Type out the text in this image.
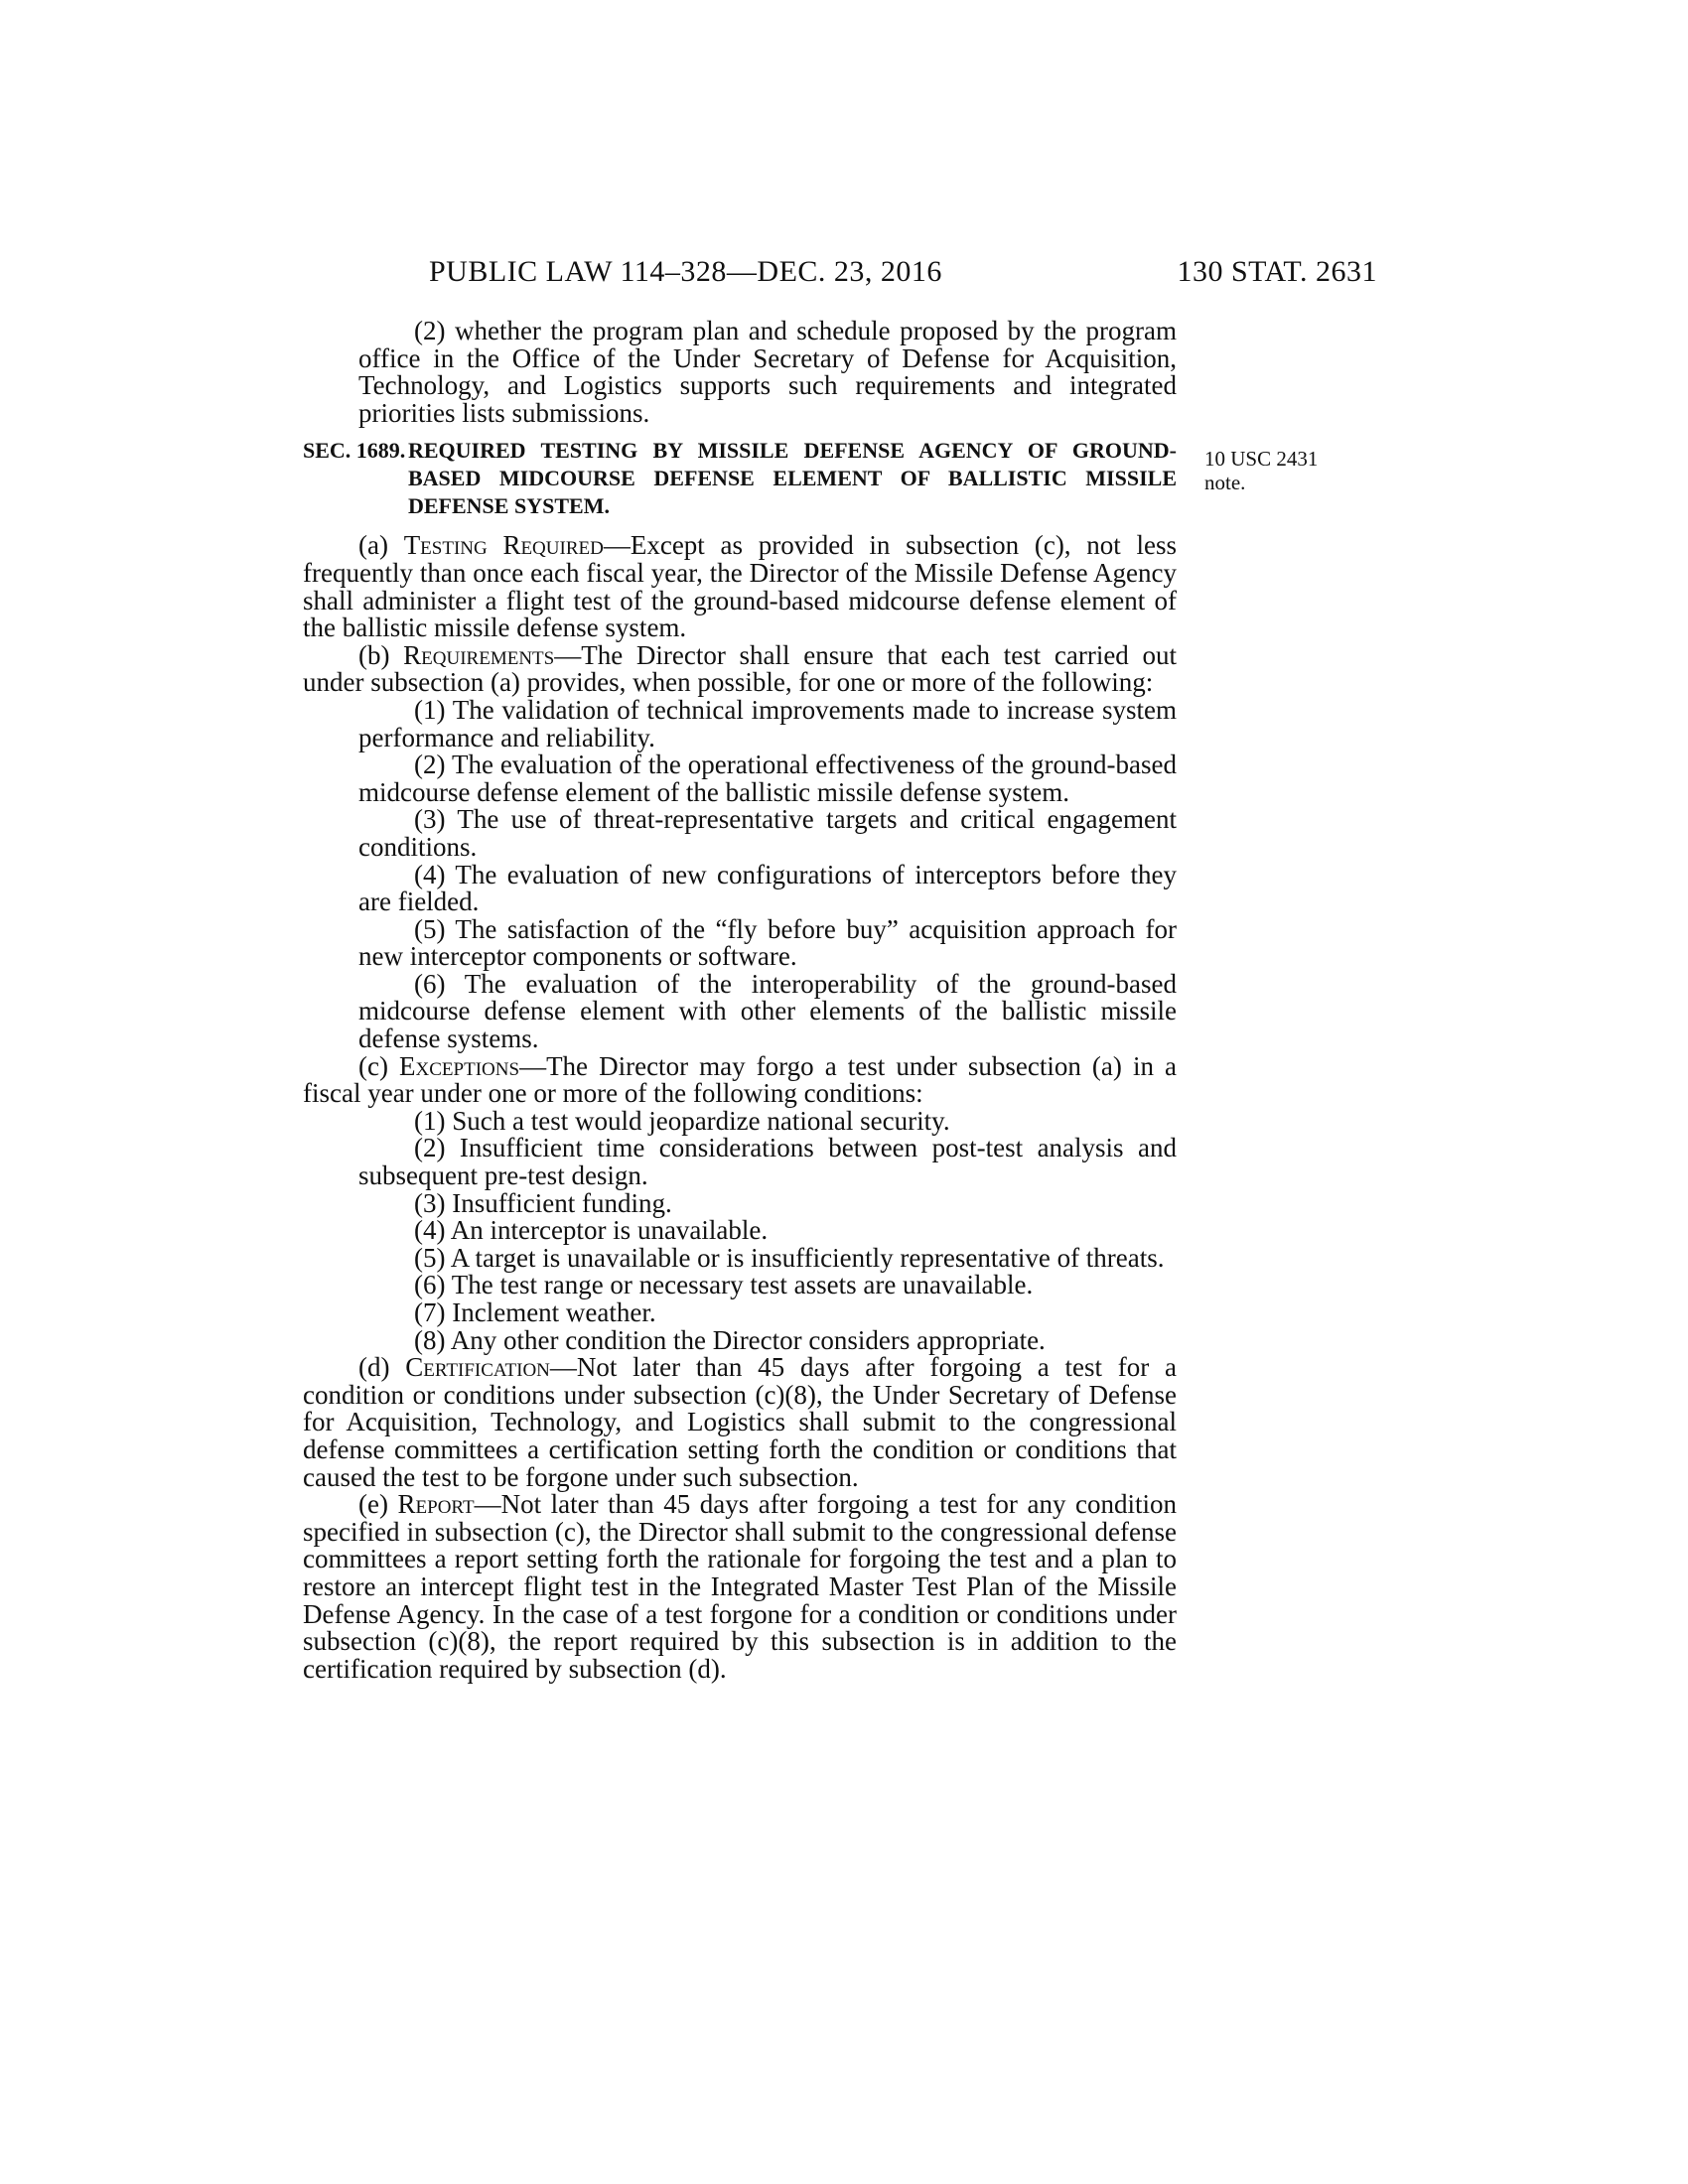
PUBLIC LAW 114–328—DEC. 23, 2016	130 STAT. 2631
10 USC 2431
note.

(2) whether the program plan and schedule proposed by the program office in the Office of the Under Secretary of Defense for Acquisition, Technology, and Logistics supports such requirements and integrated priorities lists submissions.

SEC. 1689. REQUIRED TESTING BY MISSILE DEFENSE AGENCY OF GROUND-BASED MIDCOURSE DEFENSE ELEMENT OF BALLISTIC MISSILE DEFENSE SYSTEM.

(a) Testing Required—Except as provided in subsection (c), not less frequently than once each fiscal year, the Director of the Missile Defense Agency shall administer a flight test of the ground-based midcourse defense element of the ballistic missile defense system.

(b) Requirements—The Director shall ensure that each test carried out under subsection (a) provides, when possible, for one or more of the following:

(1) The validation of technical improvements made to increase system performance and reliability.

(2) The evaluation of the operational effectiveness of the ground-based midcourse defense element of the ballistic missile defense system.

(3) The use of threat-representative targets and critical engagement conditions.

(4) The evaluation of new configurations of interceptors before they are fielded.

(5) The satisfaction of the “fly before buy” acquisition approach for new interceptor components or software.

(6) The evaluation of the interoperability of the ground-based midcourse defense element with other elements of the ballistic missile defense systems.

(c) Exceptions—The Director may forgo a test under subsection (a) in a fiscal year under one or more of the following conditions:

(1) Such a test would jeopardize national security.

(2) Insufficient time considerations between post-test analysis and subsequent pre-test design.

(3) Insufficient funding.

(4) An interceptor is unavailable.

(5) A target is unavailable or is insufficiently representative of threats.

(6) The test range or necessary test assets are unavailable.

(7) Inclement weather.

(8) Any other condition the Director considers appropriate.

(d) Certification—Not later than 45 days after forgoing a test for a condition or conditions under subsection (c)(8), the Under Secretary of Defense for Acquisition, Technology, and Logistics shall submit to the congressional defense committees a certification setting forth the condition or conditions that caused the test to be forgone under such subsection.

(e) Report—Not later than 45 days after forgoing a test for any condition specified in subsection (c), the Director shall submit to the congressional defense committees a report setting forth the rationale for forgoing the test and a plan to restore an intercept flight test in the Integrated Master Test Plan of the Missile Defense Agency. In the case of a test forgone for a condition or conditions under subsection (c)(8), the report required by this subsection is in addition to the certification required by subsection (d).
